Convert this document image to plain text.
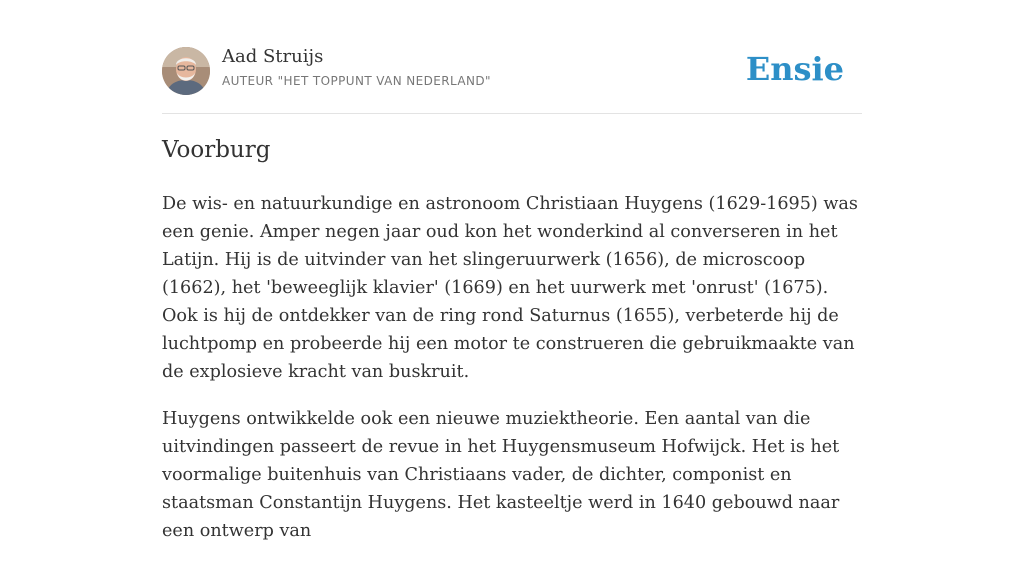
Aad Struijs
AUTEUR "HET TOPPUNT VAN NEDERLAND"	Ensie
Voorburg

De wis- en natuurkundige en astronoom Christiaan Huygens (1629-1695) was een genie. Amper negen jaar oud kon het wonderkind al converseren in het Latijn. Hij is de uitvinder van het slingeruurwerk (1656), de microscoop (1662), het 'beweeglijk klavier' (1669) en het uurwerk met 'onrust' (1675). Ook is hij de ontdekker van de ring rond Saturnus (1655), verbeterde hij de luchtpomp en probeerde hij een motor te construeren die gebruikmaakte van de explosieve kracht van buskruit.

Huygens ontwikkelde ook een nieuwe muziektheorie. Een aantal van die uitvindingen passeert de revue in het Huygensmuseum Hofwijck. Het is het voormalige buitenhuis van Christiaans vader, de dichter, componist en staatsman Constantijn Huygens. Het kasteeltje werd in 1640 gebouwd naar een ontwerp van
